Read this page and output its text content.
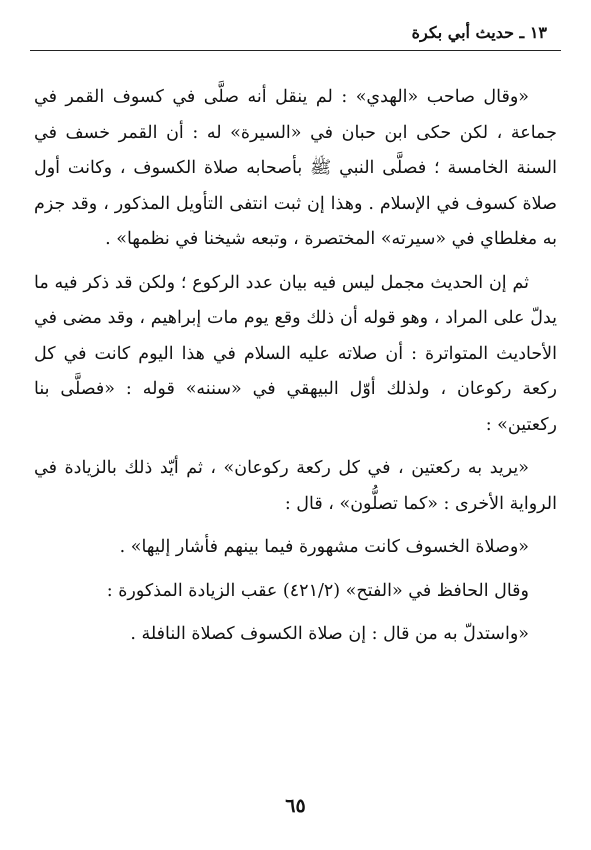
١٣ ـ حديث أبي بكرة

«وقال صاحب «الهدي» : لم ينقل أنه صلَّى في كسوف القمر في جماعة ، لكن حكى ابن حبان في «السيرة» له : أن القمر خسف في السنة الخامسة ؛ فصلَّى النبي ﷺ بأصحابه صلاة الكسوف ، وكانت أول صلاة كسوف في الإسلام . وهذا إن ثبت انتفى التأويل المذكور ، وقد جزم به مغلطاي في «سيرته» المختصرة ، وتبعه شيخنا في نظمها» .

ثم إن الحديث مجمل ليس فيه بيان عدد الركوع ؛ ولكن قد ذكر فيه ما يدلّ على المراد ، وهو قوله أن ذلك وقع يوم مات إبراهيم ، وقد مضى في الأحاديث المتواترة : أن صلاته عليه السلام في هذا اليوم كانت في كل ركعة ركوعان ، ولذلك أوّل البيهقي في «سننه» قوله : «فصلَّى بنا ركعتين» :

«يريد به ركعتين ، في كل ركعة ركوعان» ، ثم أيّد ذلك بالزيادة في الرواية الأخرى : «كما تصلُّون» ، قال :

«وصلاة الخسوف كانت مشهورة فيما بينهم فأشار إليها» .

وقال الحافظ في «الفتح» (٤٢١/٢) عقب الزيادة المذكورة :

«واستدلّ به من قال : إن صلاة الكسوف كصلاة النافلة .

٦٥
